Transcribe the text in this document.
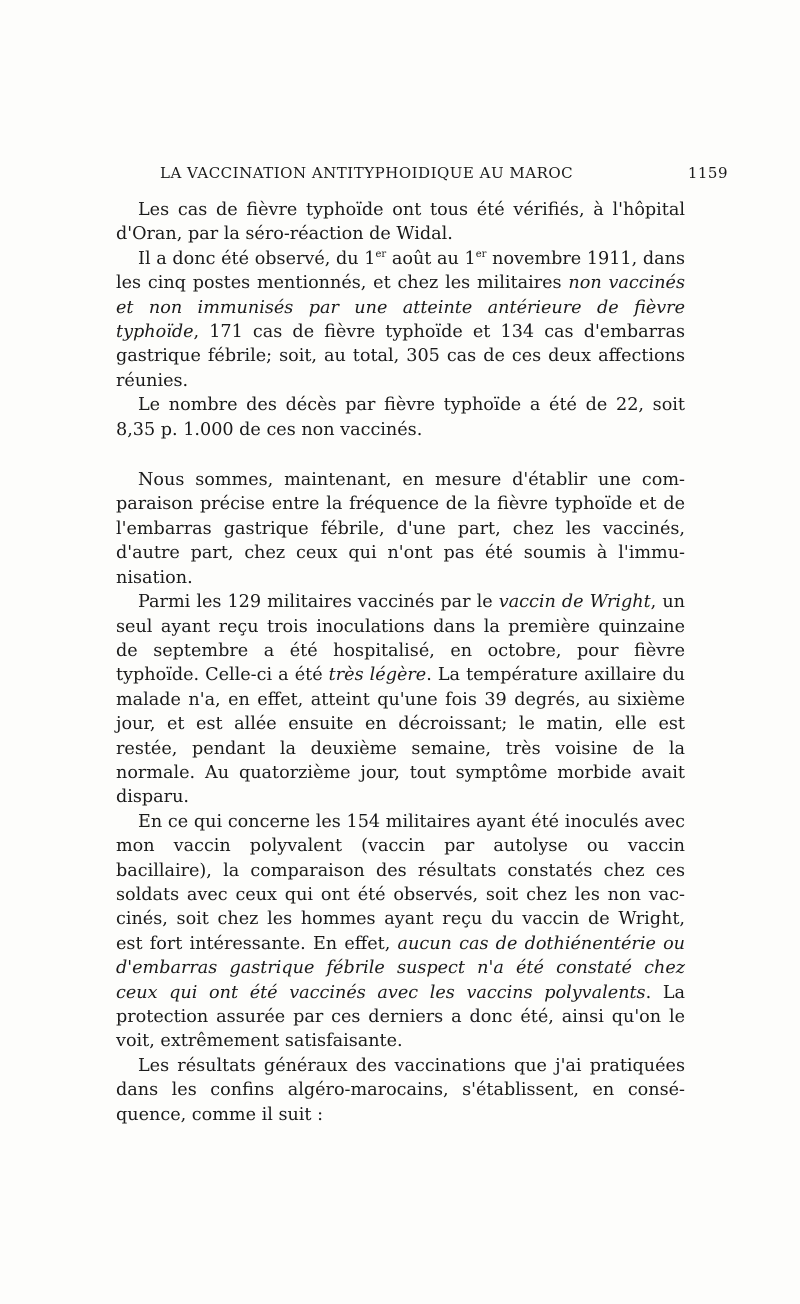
LA VACCINATION ANTITYPHOIDIQUE AU MAROC	1159

Les cas de fièvre typhoïde ont tous été vérifiés, à l'hôpital d'Oran, par la séro-réaction de Widal.

Il a donc été observé, du 1er août au 1er novembre 1911, dans les cinq postes mentionnés, et chez les militaires non vaccinés et non immunisés par une atteinte antérieure de fièvre typhoïde, 171 cas de fièvre typhoïde et 134 cas d'embarras gastrique fébrile; soit, au total, 305 cas de ces deux affections réunies.

Le nombre des décès par fièvre typhoïde a été de 22, soit 8,35 p. 1.000 de ces non vaccinés.

Nous sommes, maintenant, en mesure d'établir une comparaison précise entre la fréquence de la fièvre typhoïde et de l'embarras gastrique fébrile, d'une part, chez les vaccinés, d'autre part, chez ceux qui n'ont pas été soumis à l'immunisation.

Parmi les 129 militaires vaccinés par le vaccin de Wright, un seul ayant reçu trois inoculations dans la première quinzaine de septembre a été hospitalisé, en octobre, pour fièvre typhoïde. Celle-ci a été très légère. La température axillaire du malade n'a, en effet, atteint qu'une fois 39 degrés, au sixième jour, et est allée ensuite en décroissant; le matin, elle est restée, pendant la deuxième semaine, très voisine de la normale. Au quatorzième jour, tout symptôme morbide avait disparu.

En ce qui concerne les 154 militaires ayant été inoculés avec mon vaccin polyvalent (vaccin par autolyse ou vaccin bacillaire), la comparaison des résultats constatés chez ces soldats avec ceux qui ont été observés, soit chez les non vaccinés, soit chez les hommes ayant reçu du vaccin de Wright, est fort intéressante. En effet, aucun cas de dothiénentérie ou d'embarras gastrique fébrile suspect n'a été constaté chez ceux qui ont été vaccinés avec les vaccins polyvalents. La protection assurée par ces derniers a donc été, ainsi qu'on le voit, extrêmement satisfaisante.

Les résultats généraux des vaccinations que j'ai pratiquées dans les confins algéro-marocains, s'établissent, en conséquence, comme il suit :
